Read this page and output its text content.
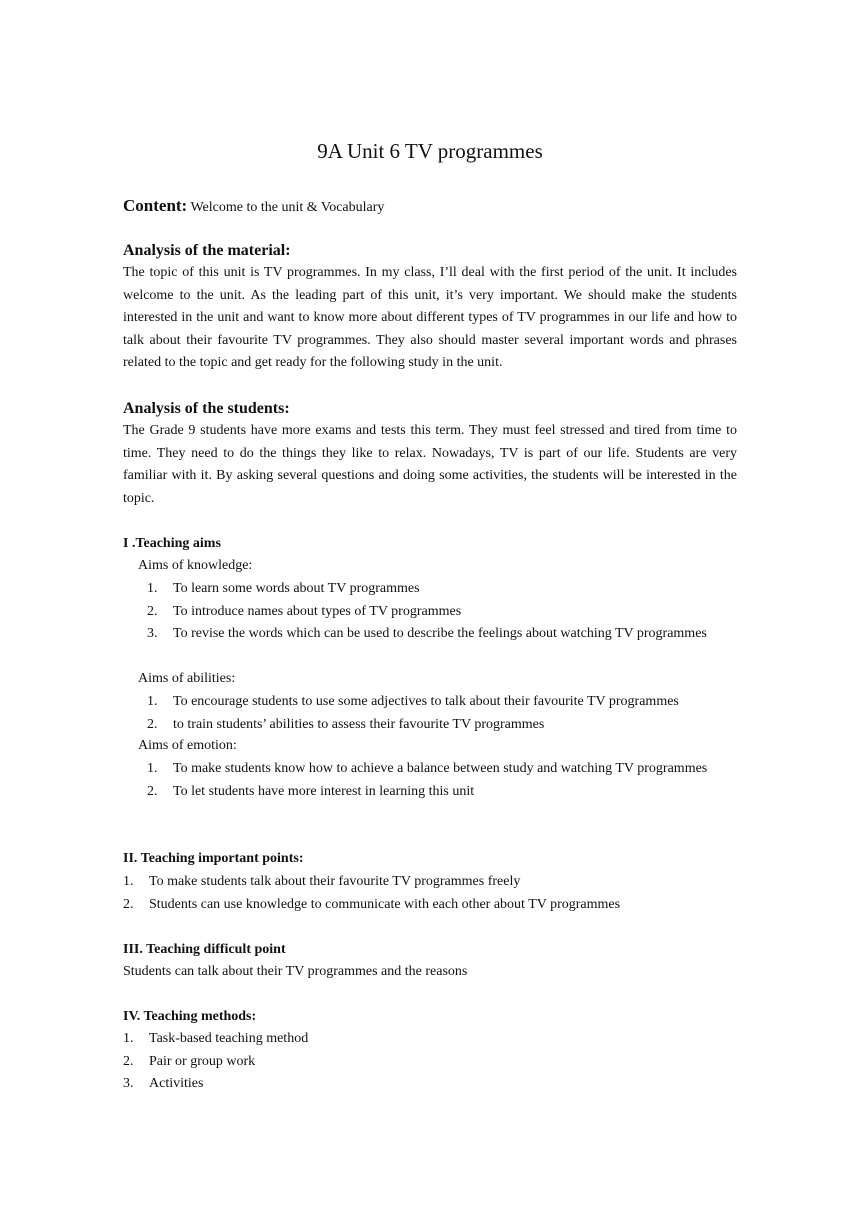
9A Unit 6 TV programmes
Content: Welcome to the unit & Vocabulary
Analysis of the material:
The topic of this unit is TV programmes. In my class, I’ll deal with the first period of the unit. It includes welcome to the unit. As the leading part of this unit, it’s very important. We should make the students interested in the unit and want to know more about different types of TV programmes in our life and how to talk about their favourite TV programmes. They also should master several important words and phrases related to the topic and get ready for the following study in the unit.
Analysis of the students:
The Grade 9 students have more exams and tests this term. They must feel stressed and tired from time to time. They need to do the things they like to relax. Nowadays, TV is part of our life. Students are very familiar with it. By asking several questions and doing some activities, the students will be interested in the topic.
I .Teaching aims
Aims of knowledge:
1. To learn some words about TV programmes
2. To introduce names about types of TV programmes
3. To revise the words which can be used to describe the feelings about watching TV programmes
Aims of abilities:
1. To encourage students to use some adjectives to talk about their favourite TV programmes
2. to train students’ abilities to assess their favourite TV programmes
Aims of emotion:
1. To make students know how to achieve a balance between study and watching TV programmes
2. To let students have more interest in learning this unit
II. Teaching important points:
1. To make students talk about their favourite TV programmes freely
2. Students can use knowledge to communicate with each other about TV programmes
III. Teaching difficult point
Students can talk about their TV programmes and the reasons
IV. Teaching methods:
1. Task-based teaching method
2. Pair or group work
3. Activities
